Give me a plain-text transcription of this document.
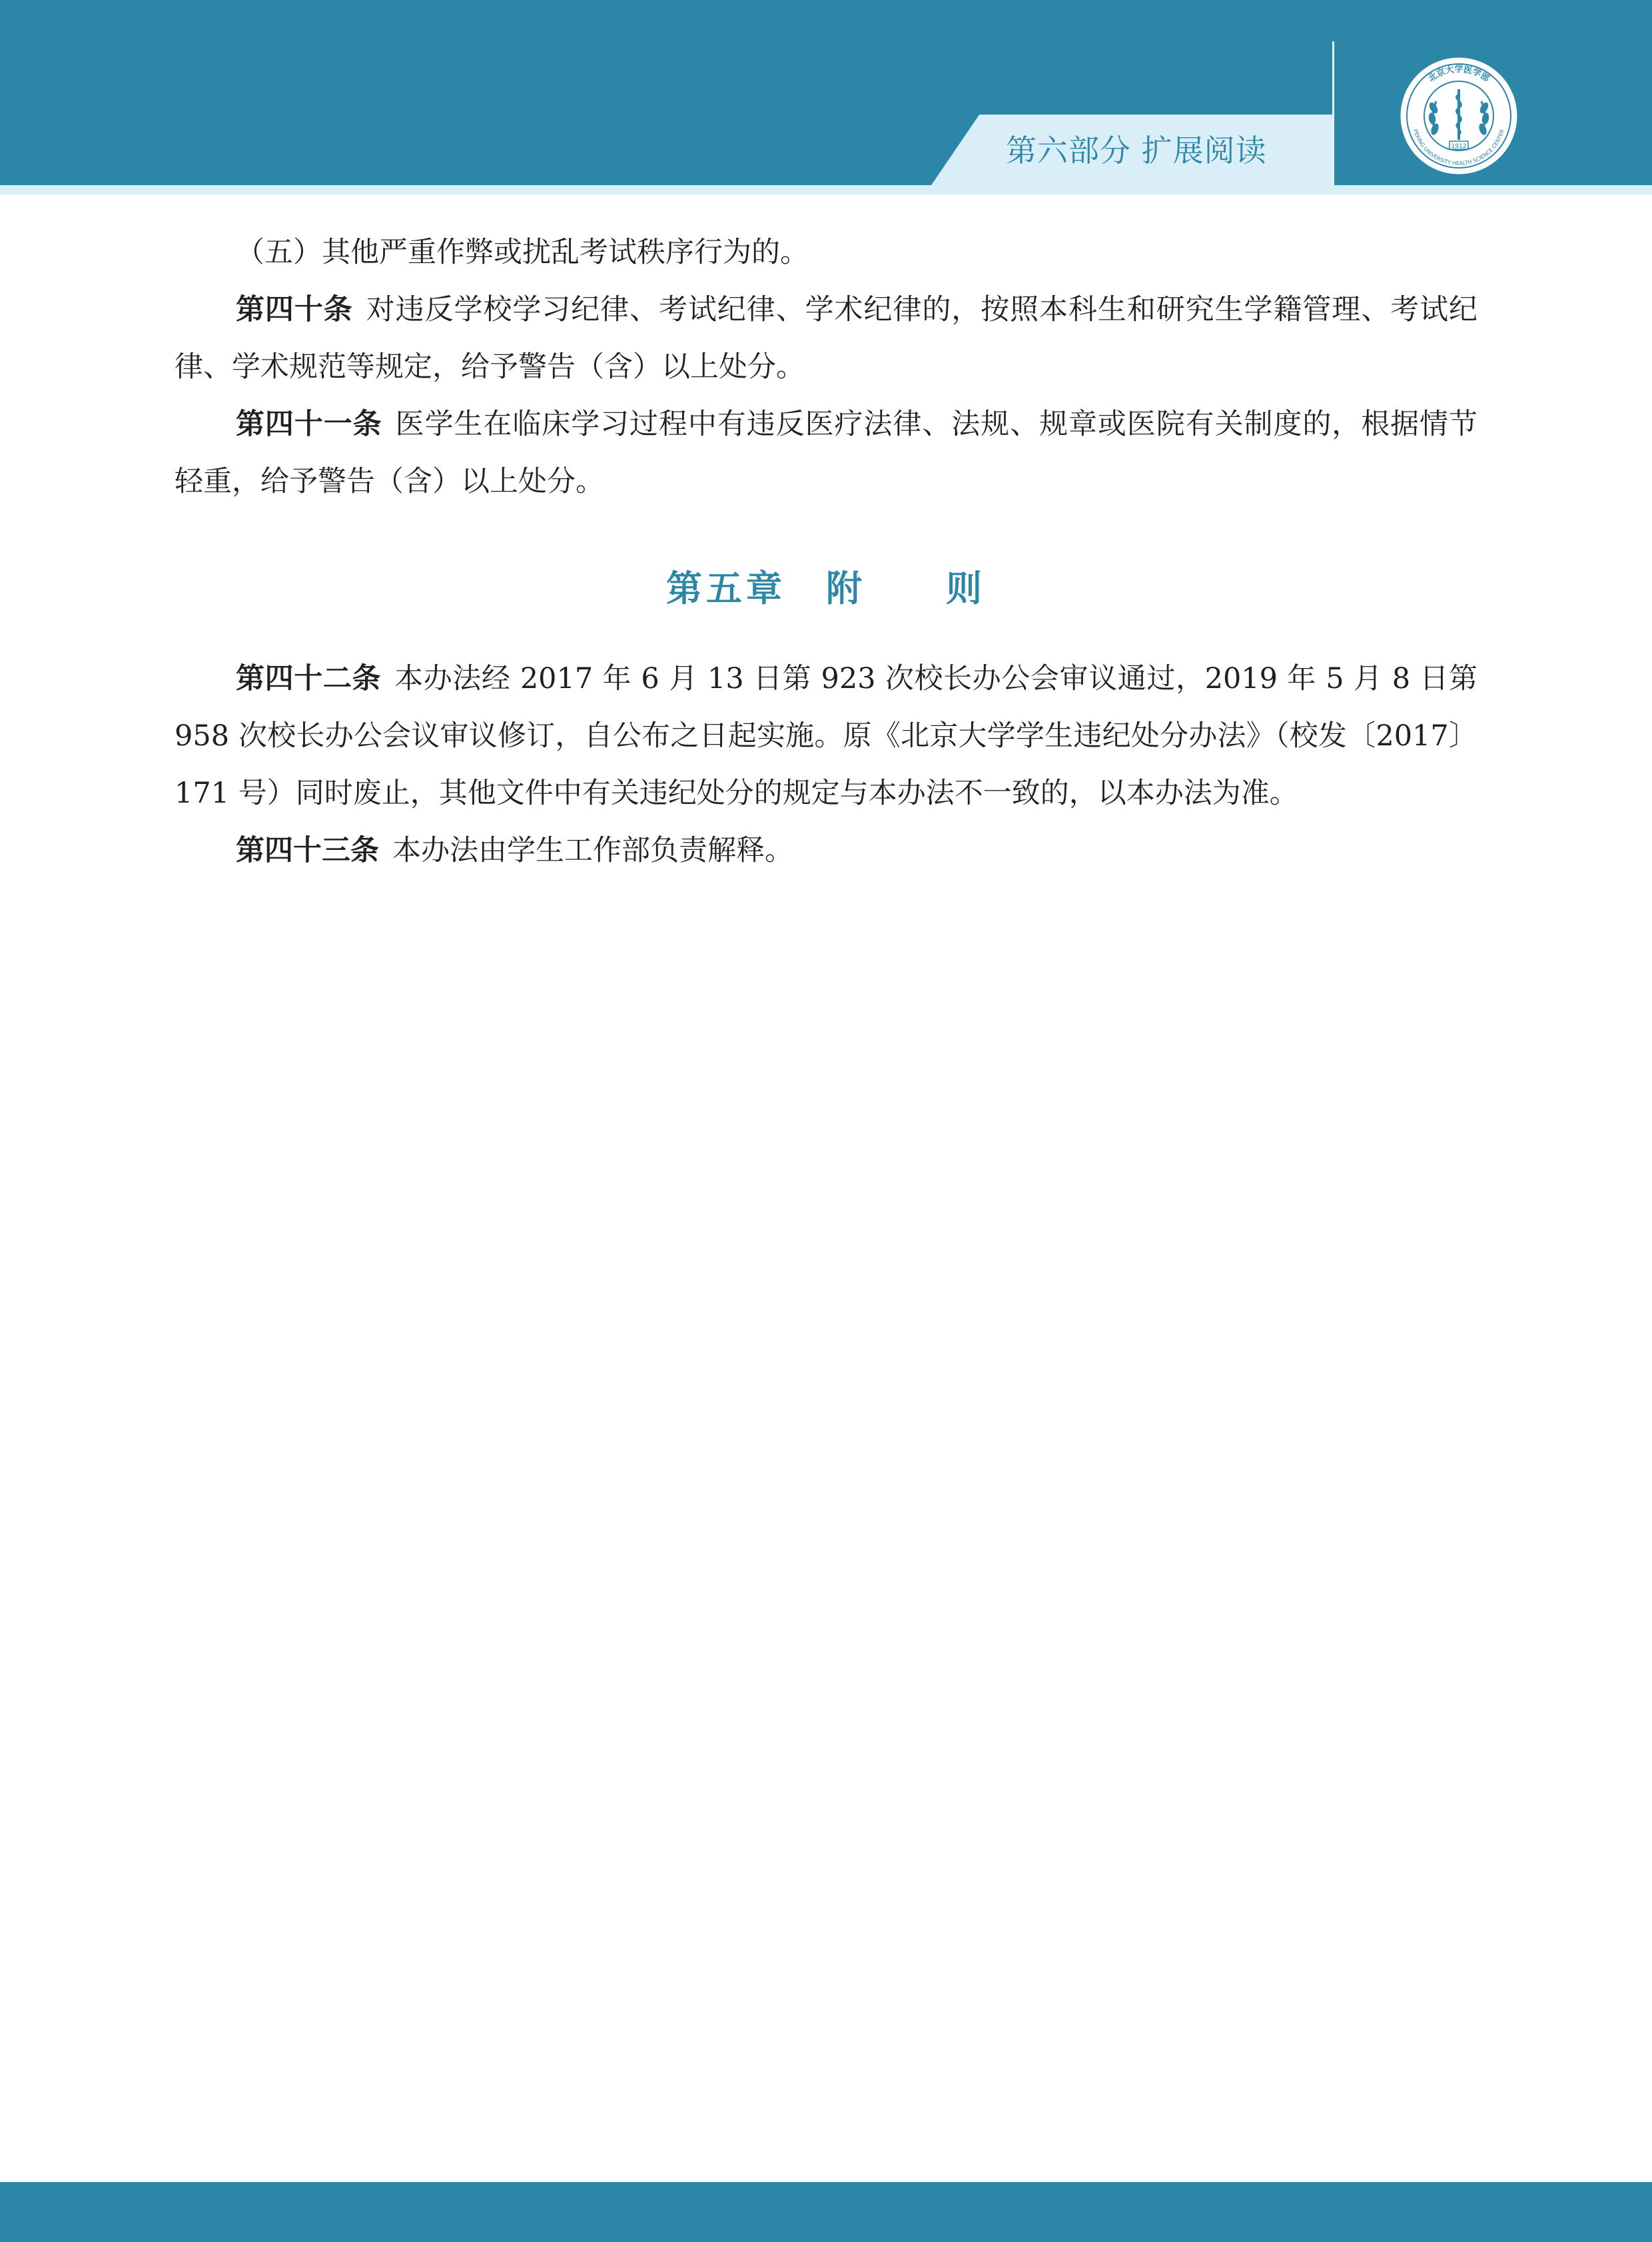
第六部分 扩展阅读
北京大学医学部
PEKING UNIVERSITY HEALTH SCIENCE CENTER
1912

（五）其他严重作弊或扰乱考试秩序行为的。

第四十条 对违反学校学习纪律、考试纪律、学术纪律的，按照本科生和研究生学籍管理、考试纪律、学术规范等规定，给予警告（含）以上处分。

第四十一条 医学生在临床学习过程中有违反医疗法律、法规、规章或医院有关制度的，根据情节轻重，给予警告（含）以上处分。

第五章　附　　则

第四十二条 本办法经 2017 年 6 月 13 日第 923 次校长办公会审议通过，2019 年 5 月 8 日第 958 次校长办公会议审议修订，自公布之日起实施。原《北京大学学生违纪处分办法》（校发〔2017〕171 号）同时废止，其他文件中有关违纪处分的规定与本办法不一致的，以本办法为准。

第四十三条 本办法由学生工作部负责解释。
